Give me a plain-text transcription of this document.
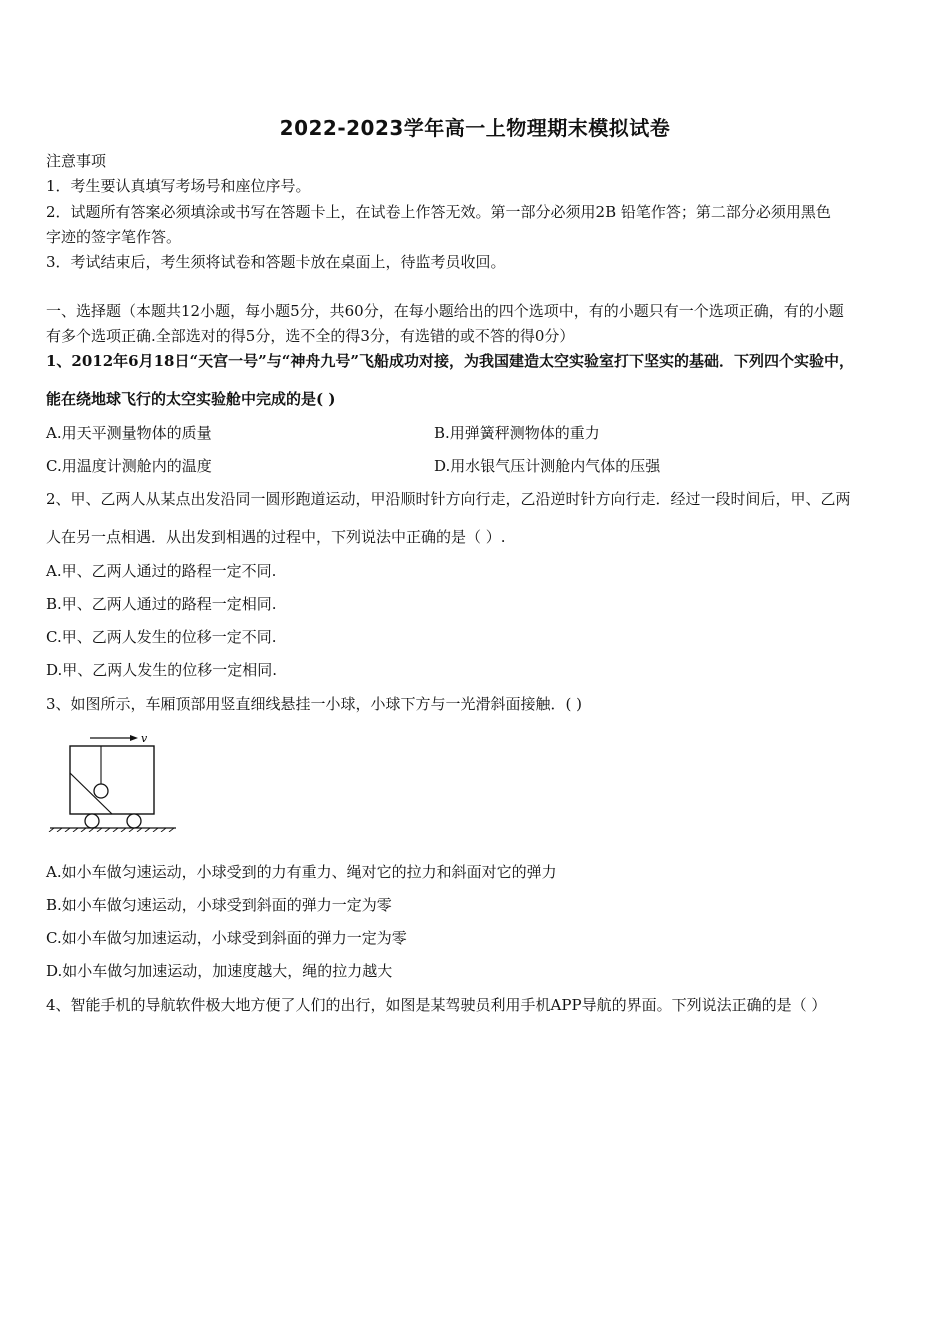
2022-2023学年高一上物理期末模拟试卷
注意事项
1．考生要认真填写考场号和座位序号。
2．试题所有答案必须填涂或书写在答题卡上，在试卷上作答无效。第一部分必须用2B 铅笔作答；第二部分必须用黑色
字迹的签字笔作答。
3．考试结束后，考生须将试卷和答题卡放在桌面上，待监考员收回。
一、选择题（本题共12小题，每小题5分，共60分，在每小题给出的四个选项中，有的小题只有一个选项正确，有的小题
有多个选项正确.全部选对的得5分，选不全的得3分，有选错的或不答的得0分）
1、2012年6月18日“天宫一号”与“神舟九号”飞船成功对接，为我国建造太空实验室打下坚实的基础．下列四个实验中，
能在绕地球飞行的太空实验舱中完成的是( )
A.用天平测量物体的质量	B.用弹簧秤测物体的重力
C.用温度计测舱内的温度	D.用水银气压计测舱内气体的压强
2、甲、乙两人从某点出发沿同一圆形跑道运动，甲沿顺时针方向行走，乙沿逆时针方向行走．经过一段时间后，甲、乙两
人在另一点相遇．从出发到相遇的过程中，下列说法中正确的是（ ）.
A.甲、乙两人通过的路程一定不同.
B.甲、乙两人通过的路程一定相同.
C.甲、乙两人发生的位移一定不同.
D.甲、乙两人发生的位移一定相同.
3、如图所示，车厢顶部用竖直细线悬挂一小球，小球下方与一光滑斜面接触．( )
v
A.如小车做匀速运动，小球受到的力有重力、绳对它的拉力和斜面对它的弹力
B.如小车做匀速运动，小球受到斜面的弹力一定为零
C.如小车做匀加速运动，小球受到斜面的弹力一定为零
D.如小车做匀加速运动，加速度越大，绳的拉力越大
4、智能手机的导航软件极大地方便了人们的出行，如图是某驾驶员利用手机APP导航的界面。下列说法正确的是（ ）
